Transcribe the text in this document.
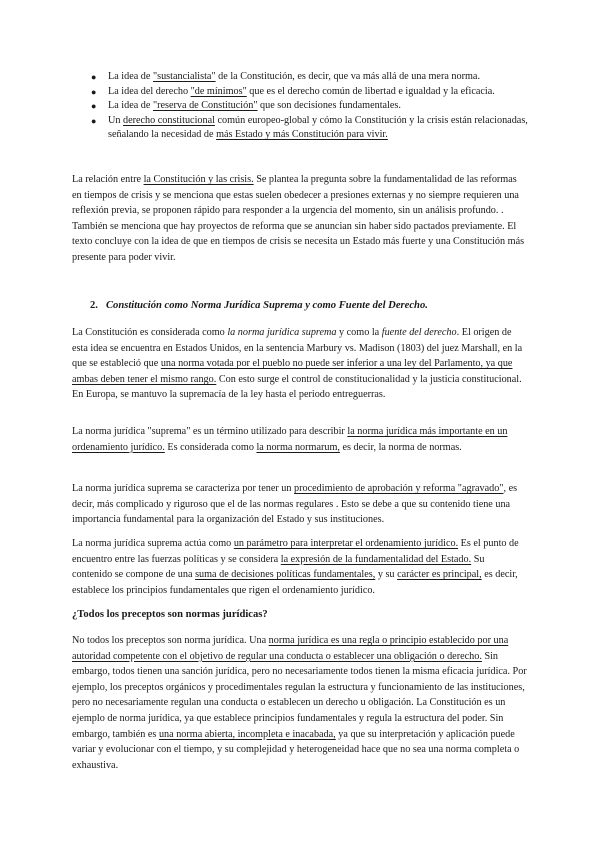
● La idea de "sustancialista" de la Constitución, es decir, que va más allá de una mera norma.
● La idea del derecho "de mínimos" que es el derecho común de libertad e igualdad y la eficacia.
● La idea de "reserva de Constitución" que son decisiones fundamentales.
● Un derecho constitucional común europeo-global y cómo la Constitución y la crisis están relacionadas, señalando la necesidad de más Estado y más Constitución para vivir.

La relación entre la Constitución y las crisis. Se plantea la pregunta sobre la fundamentalidad de las reformas en tiempos de crisis y se menciona que estas suelen obedecer a presiones externas y no siempre requieren una reflexión previa, se proponen rápido para responder a la urgencia del momento, sin un análisis profundo. . También se menciona que hay proyectos de reforma que se anuncian sin haber sido pactados previamente. El texto concluye con la idea de que en tiempos de crisis se necesita un Estado más fuerte y una Constitución más presente para poder vivir.

2. Constitución como Norma Jurídica Suprema y como Fuente del Derecho.

La Constitución es considerada como la norma jurídica suprema y como la fuente del derecho. El origen de esta idea se encuentra en Estados Unidos, en la sentencia Marbury vs. Madison (1803) del juez Marshall, en la que se estableció que una norma votada por el pueblo no puede ser inferior a una ley del Parlamento, ya que ambas deben tener el mismo rango. Con esto surge el control de constitucionalidad y la justicia constitucional. En Europa, se mantuvo la supremacía de la ley hasta el periodo entreguerras.

La norma jurídica "suprema" es un término utilizado para describir la norma jurídica más importante en un ordenamiento jurídico. Es considerada como la norma normarum, es decir, la norma de normas.

La norma jurídica suprema se caracteriza por tener un procedimiento de aprobación y reforma "agravado", es decir, más complicado y riguroso que el de las normas regulares . Esto se debe a que su contenido tiene una importancia fundamental para la organización del Estado y sus instituciones.

La norma jurídica suprema actúa como un parámetro para interpretar el ordenamiento jurídico. Es el punto de encuentro entre las fuerzas políticas y se considera la expresión de la fundamentalidad del Estado. Su contenido se compone de una suma de decisiones políticas fundamentales, y su carácter es principal, es decir, establece los principios fundamentales que rigen el ordenamiento jurídico.

¿Todos los preceptos son normas jurídicas?

No todos los preceptos son norma jurídica. Una norma jurídica es una regla o principio establecido por una autoridad competente con el objetivo de regular una conducta o establecer una obligación o derecho. Sin embargo, todos tienen una sanción jurídica, pero no necesariamente todos tienen la misma eficacia jurídica. Por ejemplo, los preceptos orgánicos y procedimentales regulan la estructura y funcionamiento de las instituciones, pero no necesariamente regulan una conducta o establecen un derecho u obligación. La Constitución es un ejemplo de norma jurídica, ya que establece principios fundamentales y regula la estructura del poder. Sin embargo, también es una norma abierta, incompleta e inacabada, ya que su interpretación y aplicación puede variar y evolucionar con el tiempo, y su complejidad y heterogeneidad hace que no sea una norma completa o exhaustiva.
